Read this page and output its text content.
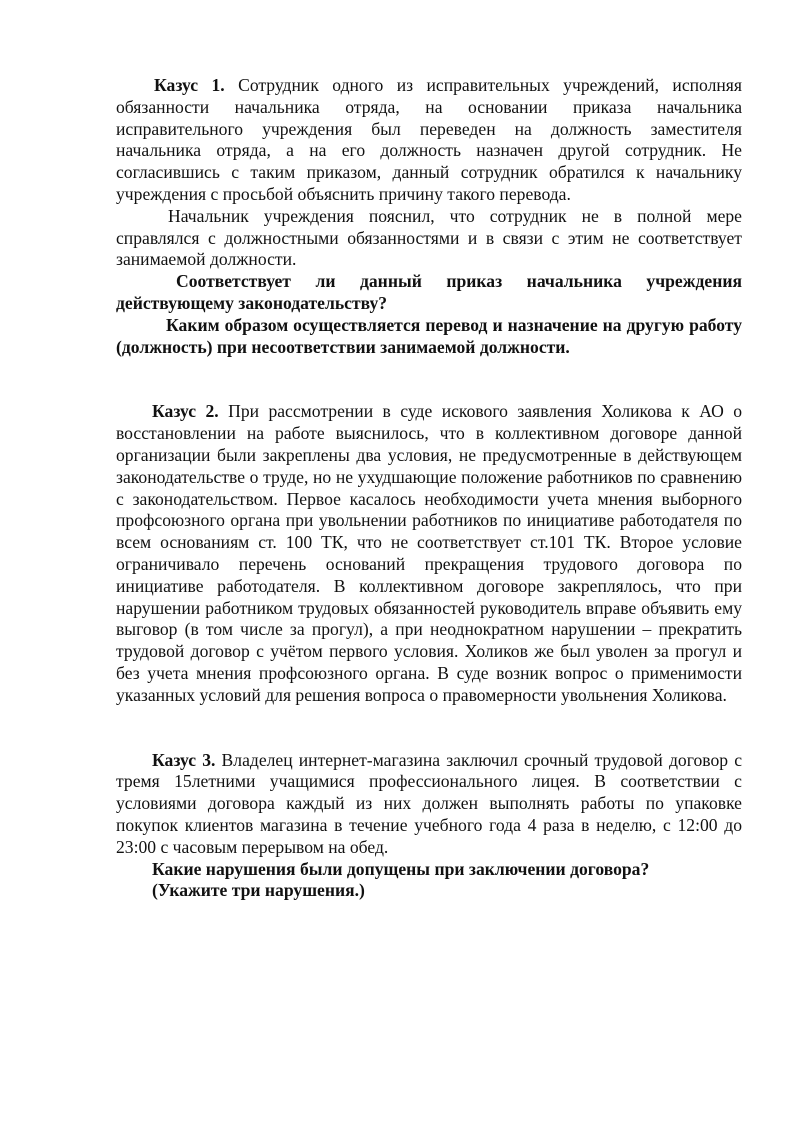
Казус 1. Сотрудник одного из исправительных учреждений, исполняя обязанности начальника отряда, на основании приказа начальника исправительного учреждения был переведен на должность заместителя начальника отряда, а на его должность назначен другой сотрудник. Не согласившись с таким приказом, данный сотрудник обратился к начальнику учреждения с просьбой объяснить причину такого перевода.

Начальник учреждения пояснил, что сотрудник не в полной мере справлялся с должностными обязанностями и в связи с этим не соответствует занимаемой должности.

Соответствует ли данный приказ начальника учреждения действующему законодательству?

Каким образом осуществляется перевод и назначение на другую работу (должность) при несоответствии занимаемой должности.

Казус 2. При рассмотрении в суде искового заявления Холикова к АО о восстановлении на работе выяснилось, что в коллективном договоре данной организации были закреплены два условия, не предусмотренные в действующем законодательстве о труде, но не ухудшающие положение работников по сравнению с законодательством. Первое касалось необходимости учета мнения выборного профсоюзного органа при увольнении работников по инициативе работодателя по всем основаниям ст. 100 ТК, что не соответствует ст.101 ТК. Второе условие ограничивало перечень оснований прекращения трудового договора по инициативе работодателя. В коллективном договоре закреплялось, что при нарушении работником трудовых обязанностей руководитель вправе объявить ему выговор (в том числе за прогул), а при неоднократном нарушении – прекратить трудовой договор с учётом первого условия. Холиков же был уволен за прогул и без учета мнения профсоюзного органа. В суде возник вопрос о применимости указанных условий для решения вопроса о правомерности увольнения Холикова.

Казус 3. Владелец интернет-магазина заключил срочный трудовой договор с тремя 15летними учащимися профессионального лицея. В соответствии с условиями договора каждый из них должен выполнять работы по упаковке покупок клиентов магазина в течение учебного года 4 раза в неделю, с 12:00 до 23:00 с часовым перерывом на обед.

Какие нарушения были допущены при заключении договора?

(Укажите три нарушения.)
